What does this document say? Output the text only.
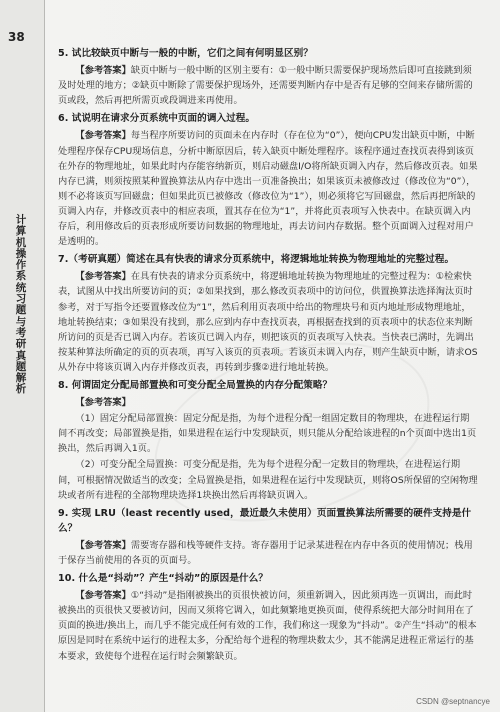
38
计算机操作系统习题与考研真题解析
5. 试比较缺页中断与一般的中断，它们之间有何明显区别？
【参考答案】缺页中断与一般中断的区别主要有：①一般中断只需要保护现场然后即可直接跳到须及时处理的地方；②缺页中断除了需要保护现场外，还需要判断内存中是否有足够的空间来存储所需的页或段，然后再把所需页或段调进来再使用。
6. 试说明在请求分页系统中页面的调入过程。
【参考答案】每当程序所要访问的页面未在内存时（存在位为“0”），便向CPU发出缺页中断，中断处理程序保存CPU现场信息，分析中断原因后，转入缺页中断处理程序。该程序通过查找页表得到该页在外存的物理地址，如果此时内存能容纳新页，则启动磁盘I/O将所缺页调入内存，然后修改页表。如果内存已满，则须按照某种置换算法从内存中选出一页准备换出；如果该页未被修改过（修改位为“0”），则不必将该页写回磁盘；但如果此页已被修改（修改位为“1”），则必须将它写回磁盘，然后再把所缺的页调入内存，并修改页表中的相应表项，置其存在位为“1”，并将此页表项写入快表中。在缺页调入内存后，利用修改后的页表形成所要访问数据的物理地址，再去访问内存数据。整个页面调入过程对用户是透明的。
7.（考研真题）简述在具有快表的请求分页系统中，将逻辑地址转换为物理地址的完整过程。
【参考答案】在具有快表的请求分页系统中，将逻辑地址转换为物理地址的完整过程为：①检索快表，试图从中找出所要访问的页；②如果找到，那么修改页表项中的访问位，供置换算法选择淘汰页时参考，对于写指令还要置修改位为“1”，然后利用页表项中给出的物理块号和页内地址形成物理地址，地址转换结束；③如果没有找到，那么应到内存中查找页表，再根据查找到的页表项中的状态位来判断所访问的页是否已调入内存。若该页已调入内存，则把该页的页表项写入快表。当快表已满时，先调出按某种算法所确定的页的页表项，再写入该页的页表项。若该页未调入内存，则产生缺页中断，请求OS从外存中将该页调入内存并修改页表，再转到步骤②进行地址转换。
8. 何谓固定分配局部置换和可变分配全局置换的内存分配策略？
【参考答案】
（1）固定分配局部置换：固定分配是指，为每个进程分配一组固定数目的物理块，在进程运行期间不再改变；局部置换是指，如果进程在运行中发现缺页，则只能从分配给该进程的n个页面中选出1页换出，然后再调入1页。
（2）可变分配全局置换：可变分配是指，先为每个进程分配一定数目的物理块，在进程运行期间，可根据情况做适当的改变；全局置换是指，如果进程在运行中发现缺页，则将OS所保留的空闲物理块或者所有进程的全部物理块选择1块换出然后再将缺页调入。
9. 实现 LRU（least recently used，最近最久未使用）页面置换算法所需要的硬件支持是什么？
【参考答案】需要寄存器和栈等硬件支持。寄存器用于记录某进程在内存中各页的使用情况；栈用于保存当前使用的各页的页面号。
10. 什么是“抖动”？产生“抖动”的原因是什么？
【参考答案】①“抖动”是指刚被换出的页很快被访问，须重新调入，因此须再选一页调出，而此时被换出的页很快又要被访问，因而又须将它调入，如此频繁地更换页面，使得系统把大部分时间用在了页面的换进/换出上，而几乎不能完成任何有效的工作，我们称这一现象为“抖动”。②产生“抖动”的根本原因是同时在系统中运行的进程太多，分配给每个进程的物理块数太少，其不能满足进程正常运行的基本要求，致使每个进程在运行时会频繁缺页。
CSDN @septnancye
